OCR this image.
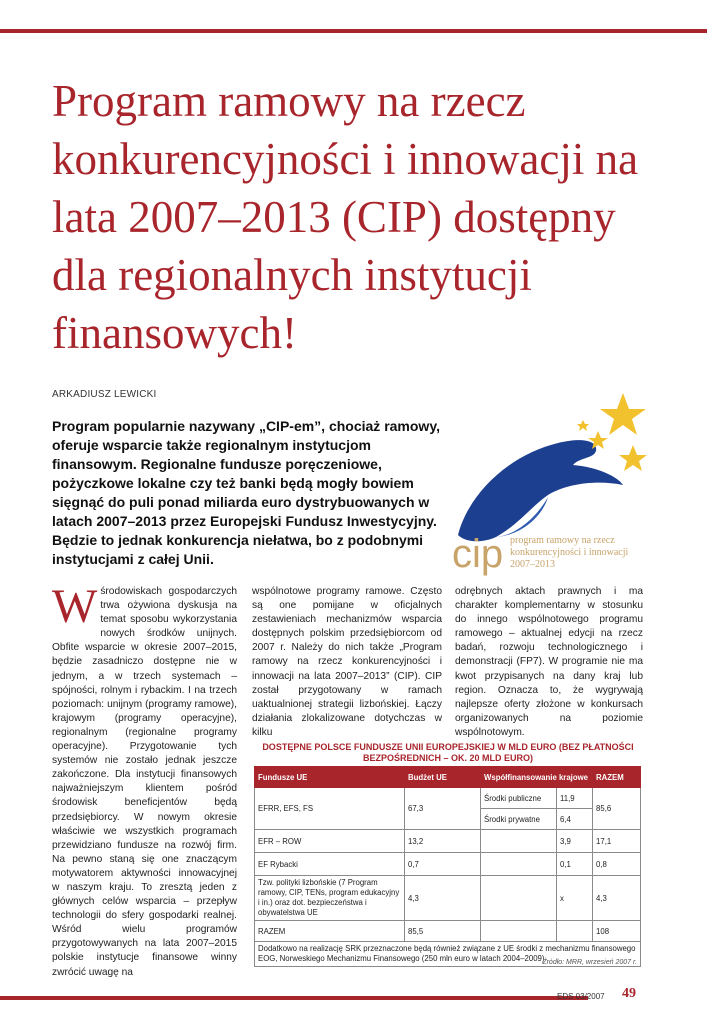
Program ramowy na rzecz konkurencyjności i innowacji na lata 2007–2013 (CIP) dostępny dla regionalnych instytucji finansowych!
ARKADIUSZ LEWICKI

Program popularnie nazywany „CIP-em”, chociaż ramowy, oferuje wsparcie także regionalnym instytucjom finansowym. Regionalne fundusze poręczeniowe, pożyczkowe lokalne czy też banki będą mogły bowiem sięgnąć do puli ponad miliarda euro dystrybuowanych w latach 2007–2013 przez Europejski Fundusz Inwestycyjny. Będzie to jednak konkurencja niełatwa, bo z podobnymi instytucjami z całej Unii.	cip program ramowy na rzecz
konkurencyjności i innowacji
2007–2013
W środowiskach gospodarczych trwa ożywiona dyskusja na temat sposobu wykorzystania nowych środków unijnych. Obfite wsparcie w okresie 2007–2015, będzie zasadniczo dostępne nie w jednym, a w trzech systemach – spójności, rolnym i rybackim. I na trzech poziomach: unijnym (programy ramowe), krajowym (programy operacyjne), regionalnym (regionalne programy operacyjne). Przygotowanie tych systemów nie zostało jednak jeszcze zakończone. Dla instytucji finansowych najważniejszym klientem pośród środowisk beneficjentów będą przedsiębiorcy. W nowym okresie właściwie we wszystkich programach przewidziano fundusze na rozwój firm. Na pewno staną się one znaczącym motywatorem aktywności innowacyjnej w naszym kraju. To zresztą jeden z głównych celów wsparcia – przepływ technologii do sfery gospodarki realnej. Wśród wielu programów przygotowywanych na lata 2007–2015 polskie instytucje finansowe winny zwrócić uwagę na
wspólnotowe programy ramowe. Często są one pomijane w oficjalnych zestawieniach mechanizmów wsparcia dostępnych polskim przedsiębiorcom od 2007 r. Należy do nich także „Program ramowy na rzecz konkurencyjności i innowacji na lata 2007–2013” (CIP). CIP został przygotowany w ramach uaktualnionej strategii lizbońskiej. Łączy działania zlokalizowane dotychczas w kilku
odrębnych aktach prawnych i ma charakter komplementarny w stosunku do innego wspólnotowego programu ramowego – aktualnej edycji na rzecz badań, rozwoju technologicznego i demonstracji (FP7). W programie nie ma kwot przypisanych na dany kraj lub region. Oznacza to, że wygrywają najlepsze oferty złożone w konkursach organizowanych na poziomie wspólnotowym.
DOSTĘPNE POLSCE FUNDUSZE UNII EUROPEJSKIEJ W MLD EURO (BEZ PŁATNOŚCI
BEZPOŚREDNICH – OK. 20 MLD EURO)
Fundusze UE	Budżet UE	Współfinansowanie krajowe		RAZEM
EFRR, EFS, FS	67,3	Środki publiczne	11,9	85,6
		Środki prywatne	6,4	
EFR – ROW	13,2		3,9	17,1
EF Rybacki	0,7		0,1	0,8
Tzw. polityki lizbońskie (7 Program ramowy, CIP, TENs, program edukacyjny i in.) oraz dot. bezpieczeństwa i obywatelstwa UE	4,3		x	4,3
RAZEM	85,5			108
Dodatkowo na realizację SRK przeznaczone będą również związane z UE środki z mechanizmu finansowego EOG, Norweskiego Mechanizmu Finansowego (250 mln euro w latach 2004–2009)				
Źródło: MRR, wrzesień 2007 r.
EDS 03/2007 49
